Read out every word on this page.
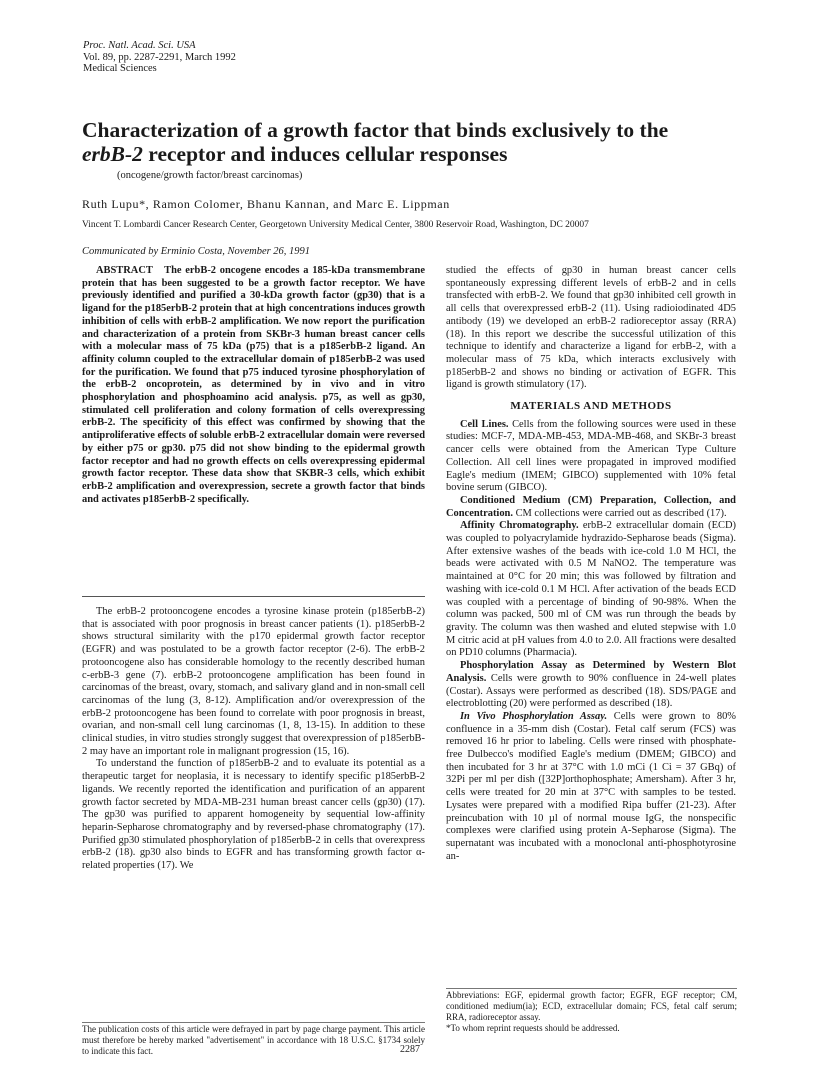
Proc. Natl. Acad. Sci. USA
Vol. 89, pp. 2287-2291, March 1992
Medical Sciences
Characterization of a growth factor that binds exclusively to the
erbB-2 receptor and induces cellular responses
(oncogene/growth factor/breast carcinomas)
Ruth Lupu*, Ramon Colomer, Bhanu Kannan, and Marc E. Lippman
Vincent T. Lombardi Cancer Research Center, Georgetown University Medical Center, 3800 Reservoir Road, Washington, DC 20007
Communicated by Erminio Costa, November 26, 1991

ABSTRACT The erbB-2 oncogene encodes a 185-kDa transmembrane protein that has been suggested to be a growth factor receptor. We have previously identified and purified a 30-kDa growth factor (gp30) that is a ligand for the p185erbB-2 protein that at high concentrations induces growth inhibition of cells with erbB-2 amplification. We now report the purification and characterization of a protein from SKBr-3 human breast cancer cells with a molecular mass of 75 kDa (p75) that is a p185erbB-2 ligand. An affinity column coupled to the extracellular domain of p185erbB-2 was used for the purification. We found that p75 induced tyrosine phosphorylation of the erbB-2 oncoprotein, as determined by in vivo and in vitro phosphorylation and phosphoamino acid analysis. p75, as well as gp30, stimulated cell proliferation and colony formation of cells overexpressing erbB-2. The specificity of this effect was confirmed by showing that the antiproliferative effects of soluble erbB-2 extracellular domain were reversed by either p75 or gp30. p75 did not show binding to the epidermal growth factor receptor and had no growth effects on cells overexpressing epidermal growth factor receptor. These data show that SKBR-3 cells, which exhibit erbB-2 amplification and overexpression, secrete a growth factor that binds and activates p185erbB-2 specifically.

The erbB-2 protooncogene encodes a tyrosine kinase protein (p185erbB-2) that is associated with poor prognosis in breast cancer patients (1). p185erbB-2 shows structural similarity with the p170 epidermal growth factor receptor (EGFR) and was postulated to be a growth factor receptor (2-6). The erbB-2 protooncogene also has considerable homology to the recently described human c-erbB-3 gene (7). erbB-2 protooncogene amplification has been found in carcinomas of the breast, ovary, stomach, and salivary gland and in non-small cell carcinomas of the lung (3, 8-12). Amplification and/or overexpression of the erbB-2 protooncogene has been found to correlate with poor prognosis in breast, ovarian, and non-small cell lung carcinomas (1, 8, 13-15). In addition to these clinical studies, in vitro studies strongly suggest that overexpression of p185erbB-2 may have an important role in malignant progression (15, 16).

To understand the function of p185erbB-2 and to evaluate its potential as a therapeutic target for neoplasia, it is necessary to identify specific p185erbB-2 ligands. We recently reported the identification and purification of an apparent growth factor secreted by MDA-MB-231 human breast cancer cells (gp30) (17). The gp30 was purified to apparent homogeneity by sequential low-affinity heparin-Sepharose chromatography and by reversed-phase chromatography (17). Purified gp30 stimulated phosphorylation of p185erbB-2 in cells that overexpress erbB-2 (18). gp30 also binds to EGFR and has transforming growth factor α-related properties (17). We

The publication costs of this article were defrayed in part by page charge payment. This article must therefore be hereby marked "advertisement" in accordance with 18 U.S.C. §1734 solely to indicate this fact.

studied the effects of gp30 in human breast cancer cells spontaneously expressing different levels of erbB-2 and in cells transfected with erbB-2. We found that gp30 inhibited cell growth in all cells that overexpressed erbB-2 (11). Using radioiodinated 4D5 antibody (19) we developed an erbB-2 radioreceptor assay (RRA) (18). In this report we describe the successful utilization of this technique to identify and characterize a ligand for erbB-2, with a molecular mass of 75 kDa, which interacts exclusively with p185erbB-2 and shows no binding or activation of EGFR. This ligand is growth stimulatory (17).

MATERIALS AND METHODS

Cell Lines. Cells from the following sources were used in these studies: MCF-7, MDA-MB-453, MDA-MB-468, and SKBr-3 breast cancer cells were obtained from the American Type Culture Collection. All cell lines were propagated in improved modified Eagle's medium (IMEM; GIBCO) supplemented with 10% fetal bovine serum (GIBCO).

Conditioned Medium (CM) Preparation, Collection, and Concentration. CM collections were carried out as described (17).

Affinity Chromatography. erbB-2 extracellular domain (ECD) was coupled to polyacrylamide hydrazido-Sepharose beads (Sigma). After extensive washes of the beads with ice-cold 1.0 M HCl, the beads were activated with 0.5 M NaNO2. The temperature was maintained at 0°C for 20 min; this was followed by filtration and washing with ice-cold 0.1 M HCl. After activation of the beads ECD was coupled with a percentage of binding of 90-98%. When the column was packed, 500 ml of CM was run through the beads by gravity. The column was then washed and eluted stepwise with 1.0 M citric acid at pH values from 4.0 to 2.0. All fractions were desalted on PD10 columns (Pharmacia).

Phosphorylation Assay as Determined by Western Blot Analysis. Cells were growth to 90% confluence in 24-well plates (Costar). Assays were performed as described (18). SDS/PAGE and electroblotting (20) were performed as described (18).

In Vivo Phosphorylation Assay. Cells were grown to 80% confluence in a 35-mm dish (Costar). Fetal calf serum (FCS) was removed 16 hr prior to labeling. Cells were rinsed with phosphate-free Dulbecco's modified Eagle's medium (DMEM; GIBCO) and then incubated for 3 hr at 37°C with 1.0 mCi (1 Ci = 37 GBq) of 32Pi per ml per dish ([32P]orthophosphate; Amersham). After 3 hr, cells were treated for 20 min at 37°C with samples to be tested. Lysates were prepared with a modified Ripa buffer (21-23). After preincubation with 10 µl of normal mouse IgG, the nonspecific complexes were clarified using protein A-Sepharose (Sigma). The supernatant was incubated with a monoclonal anti-phosphotyrosine an-

Abbreviations: EGF, epidermal growth factor; EGFR, EGF receptor; CM, conditioned medium(ia); ECD, extracellular domain; FCS, fetal calf serum; RRA, radioreceptor assay.
*To whom reprint requests should be addressed.
2287
